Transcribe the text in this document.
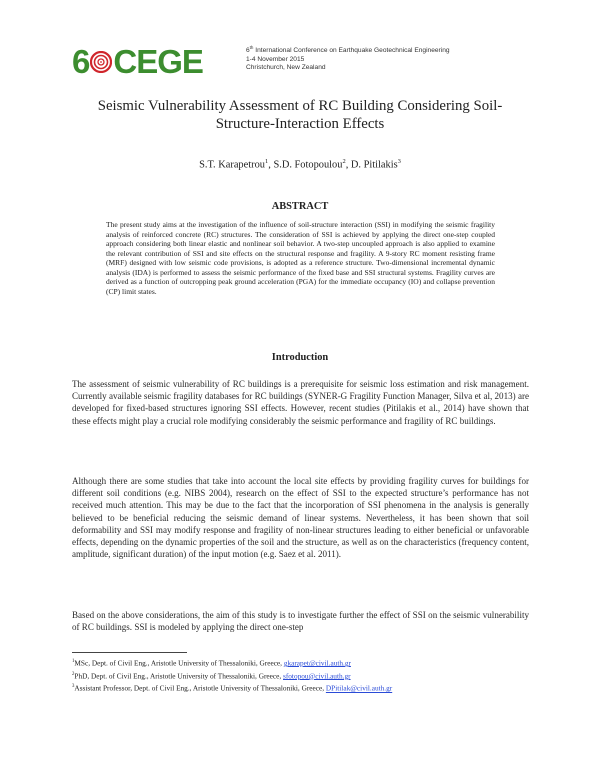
6 CEGE	6th International Conference on Earthquake Geotechnical Engineering
1-4 November 2015
Christchurch, New Zealand
Seismic Vulnerability Assessment of RC Building Considering Soil-Structure-Interaction Effects
S.T. Karapetrou$^1$, S.D. Fotopoulou$^2$, D. Pitilakis$^3$
ABSTRACT
The present study aims at the investigation of the influence of soil-structure interaction (SSI) in modifying the seismic fragility analysis of reinforced concrete (RC) structures. The consideration of SSI is achieved by applying the direct one-step coupled approach considering both linear elastic and nonlinear soil behavior. A two-step uncoupled approach is also applied to examine the relevant contribution of SSI and site effects on the structural response and fragility. A 9-story RC moment resisting frame (MRF) designed with low seismic code provisions, is adopted as a reference structure. Two-dimensional incremental dynamic analysis (IDA) is performed to assess the seismic performance of the fixed base and SSI structural systems. Fragility curves are derived as a function of outcropping peak ground acceleration (PGA) for the immediate occupancy (IO) and collapse prevention (CP) limit states.
Introduction
The assessment of seismic vulnerability of RC buildings is a prerequisite for seismic loss estimation and risk management. Currently available seismic fragility databases for RC buildings (SYNER-G Fragility Function Manager, Silva et al, 2013) are developed for fixed-based structures ignoring SSI effects. However, recent studies (Pitilakis et al., 2014) have shown that these effects might play a crucial role modifying considerably the seismic performance and fragility of RC buildings.
Although there are some studies that take into account the local site effects by providing fragility curves for buildings for different soil conditions (e.g. NIBS 2004), research on the effect of SSI to the expected structure’s performance has not received much attention. This may be due to the fact that the incorporation of SSI phenomena in the analysis is generally believed to be beneficial reducing the seismic demand of linear systems. Nevertheless, it has been shown that soil deformability and SSI may modify response and fragility of non-linear structures leading to either beneficial or unfavorable effects, depending on the dynamic properties of the soil and the structure, as well as on the characteristics (frequency content, amplitude, significant duration) of the input motion (e.g. Saez et al. 2011).
Based on the above considerations, the aim of this study is to investigate further the effect of SSI on the seismic vulnerability of RC buildings. SSI is modeled by applying the direct one-step
$^1$MSc, Dept. of Civil Eng., Aristotle University of Thessaloniki, Greece, gkarapet@civil.auth.gr
$^2$PhD, Dept. of Civil Eng., Aristotle University of Thessaloniki, Greece, sfotopou@civil.auth.gr
$^3$Assistant Professor, Dept. of Civil Eng., Aristotle University of Thessaloniki, Greece, DPitilak@civil.auth.gr
